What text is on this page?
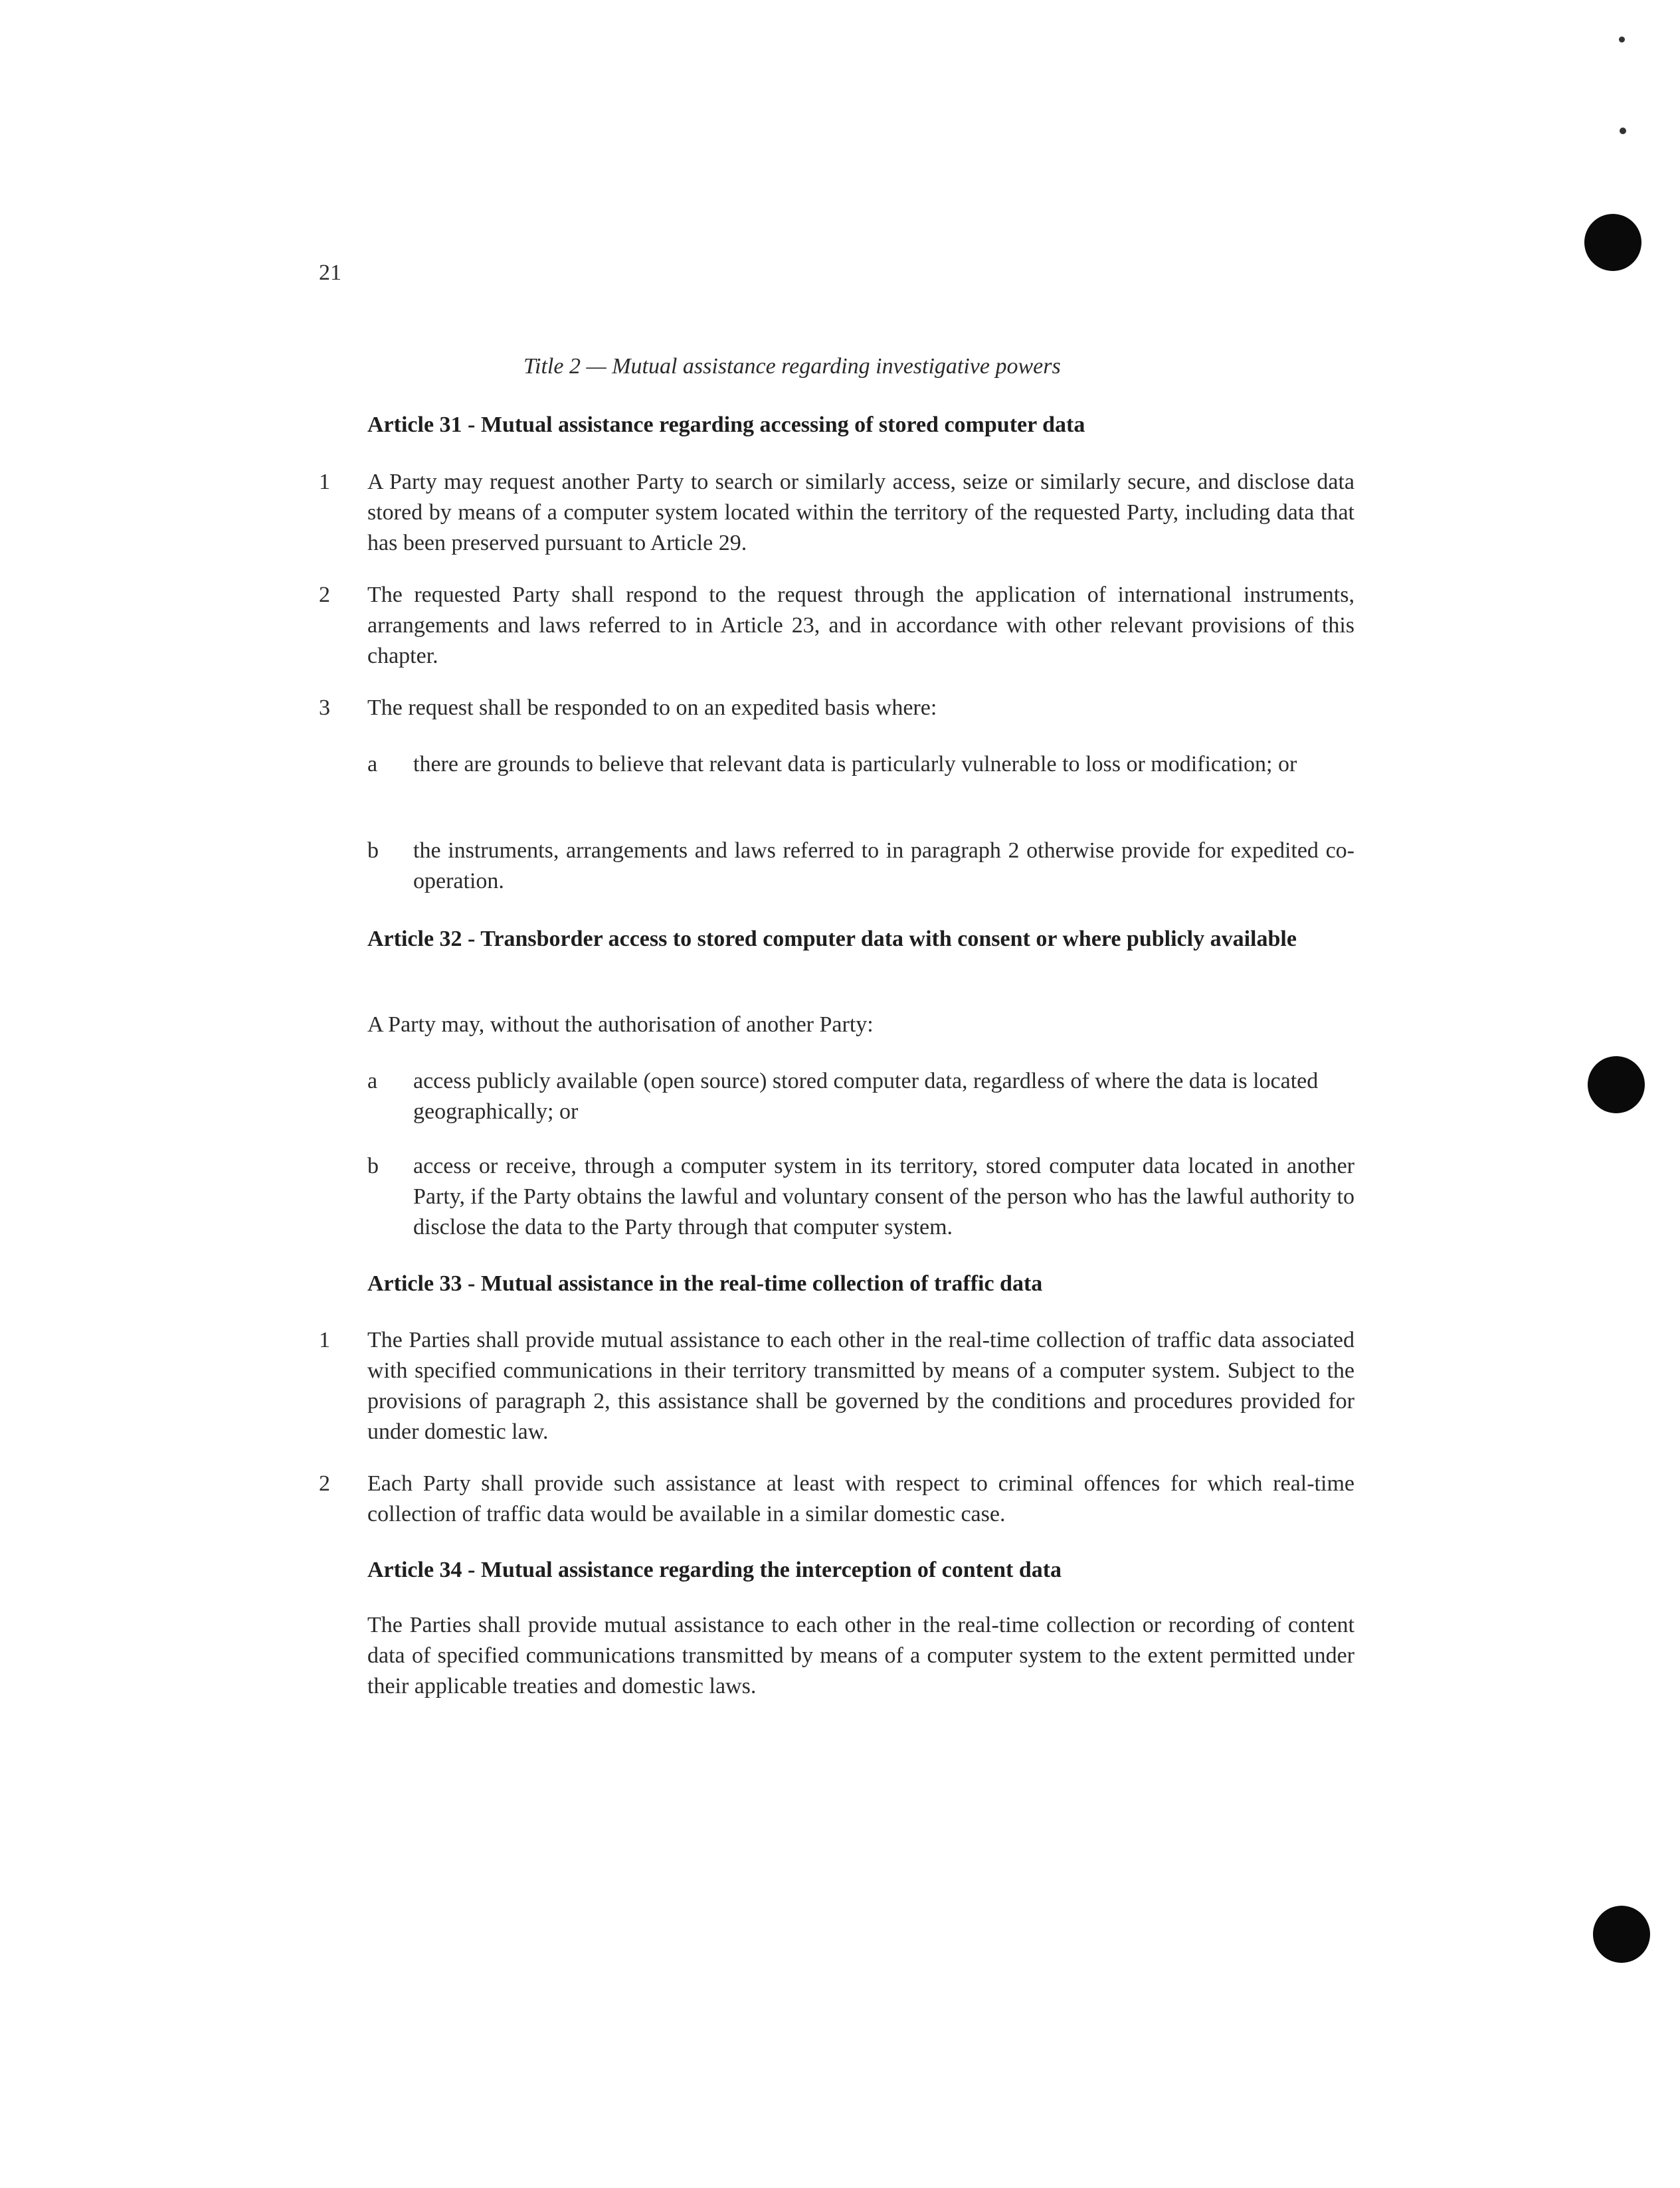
21
Title 2 — Mutual assistance regarding investigative powers
Article 31 - Mutual assistance regarding accessing of stored computer data
1 A Party may request another Party to search or similarly access, seize or similarly secure, and disclose data stored by means of a computer system located within the territory of the requested Party, including data that has been preserved pursuant to Article 29.
2 The requested Party shall respond to the request through the application of international instruments, arrangements and laws referred to in Article 23, and in accordance with other relevant provisions of this chapter.
3 The request shall be responded to on an expedited basis where:
a there are grounds to believe that relevant data is particularly vulnerable to loss or modification; or
b the instruments, arrangements and laws referred to in paragraph 2 otherwise provide for expedited co-operation.
Article 32 - Transborder access to stored computer data with consent or where publicly available
A Party may, without the authorisation of another Party:
a access publicly available (open source) stored computer data, regardless of where the data is located geographically; or
b access or receive, through a computer system in its territory, stored computer data located in another Party, if the Party obtains the lawful and voluntary consent of the person who has the lawful authority to disclose the data to the Party through that computer system.
Article 33 - Mutual assistance in the real-time collection of traffic data
1 The Parties shall provide mutual assistance to each other in the real-time collection of traffic data associated with specified communications in their territory transmitted by means of a computer system. Subject to the provisions of paragraph 2, this assistance shall be governed by the conditions and procedures provided for under domestic law.
2 Each Party shall provide such assistance at least with respect to criminal offences for which real-time collection of traffic data would be available in a similar domestic case.
Article 34 - Mutual assistance regarding the interception of content data
The Parties shall provide mutual assistance to each other in the real-time collection or recording of content data of specified communications transmitted by means of a computer system to the extent permitted under their applicable treaties and domestic laws.
